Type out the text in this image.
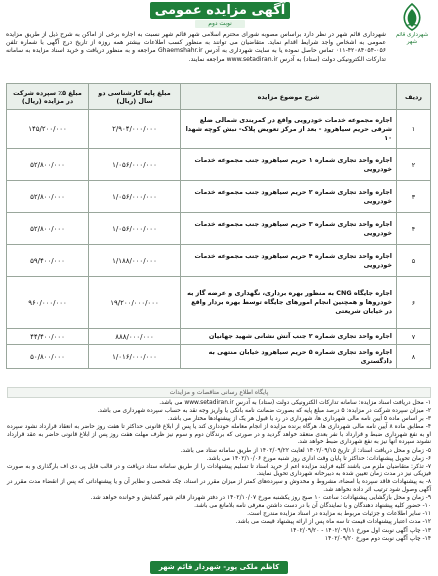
شهرداری قائم شهر
آگهی مزایده عمومی
نوبت دوم

شهرداری قائم شهر در نظر دارد براساس مصوبه شورای محترم اسلامی شهر قائم شهر نسبت به اجاره برخی از اماکن به شرح ذیل از طریق مزایده عمومی به اشخاص واجد شرایط اقدام نماید. متقاضیان می توانند به منظور کسب اطلاعات بیشتر همه روزه از تاریخ درج آگهی با شماره تلفن ۰۵۶-۴۲۰۸۴۰۵۴-۰۱۱ تماس حاصل نموده یا به سایت شهرداری به آدرس Ghaemshahr.ir مراجعه و به منظور دریافت و خرید اسناد مزایده به سامانه تدارکات الکترونیکی دولت (ستاد) به آدرس www.setadiran.ir مراجعه نمایند.

ردیف	شرح موضوع مزایده	مبلغ پایه کارشناسی دو سال (ریال)	مبلغ ۵٪ سپرده شرکت در مزایده (ریال)
۱	اجاره مجموعه خدمات خودرویی واقع در کمربندی شمالی ضلع شرقی حریم سیاهرود - بعد از مرکز تعویض پلاک- نبش کوچه شهدا ۱۰	۲/۹۰۴/۰۰۰/۰۰۰	۱۴۵/۲۰۰/۰۰۰
۲	اجاره واحد تجاری شماره ۱ حریم سیاهرود جنب مجموعه خدمات خودرویی	۱/۰۵۶/۰۰۰/۰۰۰	۵۲/۸۰۰/۰۰۰
۳	اجاره واحد تجاری شماره ۲ حریم سیاهرود جنب مجموعه خدمات خودرویی	۱/۰۵۶/۰۰۰/۰۰۰	۵۲/۸۰۰/۰۰۰
۴	اجاره واحد تجاری شماره ۳ حریم سیاهرود جنب مجموعه خدمات خودرویی	۱/۰۵۶/۰۰۰/۰۰۰	۵۲/۸۰۰/۰۰۰
۵	اجاره واحد تجاری شماره ۴ حریم سیاهرود جنب مجموعه خدمات خودرویی	۱/۱۸۸/۰۰۰/۰۰۰	۵۹/۴۰۰/۰۰۰
۶	اجاره جایگاه CNG به منظور بهره برداری، نگهداری و عرضه گاز به خودروها و همچنین انجام امورهای جایگاه توسط بهره بردار واقع در خیابان شریعتی	۱۹/۲۰۰/۰۰۰/۰۰۰	۹۶۰/۰۰۰/۰۰۰
۷	اجاره واحد تجاری شماره ۲ جنب آتش نشانی شهید جهانیان	۸۸۸/۰۰۰/۰۰۰	۴۴/۴۰۰/۰۰۰
۸	اجاره واحد تجاری شماره ۵ حریم سیاهرود خیابان منتهی به دادگستری	۱/۰۱۶/۰۰۰/۰۰۰	۵۰/۸۰۰/۰۰۰
پایگاه اطلاع رسانی مناقصات و مزایدات
۱- محل دریافت اسناد مزایده: سامانه تدارکات الکترونیکی دولت (ستاد) به آدرس www.setadiran.ir می باشد.
۲- میزان سپرده شرکت در مزایده: ۵ درصد مبلغ پایه که بصورت ضمانت نامه بانکی یا واریز وجه نقد به حساب سپرده شهرداری می باشد.
۳- بر اساس ماده ۵ آیین نامه مالی شهرداری ها، شهرداری در رد یا قبول هر یک از پیشنهادها مختار می باشد.
۴- مطابق ماده ۸ آیین نامه مالی شهرداری ها، هرگاه برنده مزایده از انجام معامله خودداری کند یا پس از ابلاغ قانونی حداکثر تا هفت روز حاضر به انعقاد قرارداد نشود سپرده او به نفع شهرداری ضبط و قرارداد با نفر بعدی منعقد خواهد گردید و در صورتی که برندگان دوم و سوم نیز ظرف مهلت هفت روز پس از ابلاغ قانونی حاضر به عقد قرارداد نشوند سپرده آنها نیز به نفع شهرداری ضبط خواهد شد.
۵- زمان و محل دریافت اسناد: از تاریخ ۱۴۰۲/۰۹/۱۵ لغایت ۱۴۰۲/۰۹/۲۲ از طریق سامانه ستاد می باشد.
۶- زمان تحویل پیشنهادات: حداکثر تا پایان وقت اداری روز شنبه مورخ ۱۴۰۲/۱۰/۰۶ می باشد.
۷- تذکر: متقاضیان ملزم می باشند کلیه فرایند مزایده اعم از خرید اسناد تا تسلیم پیشنهادات را از طریق سامانه ستاد دریافت و در قالب فایل پی دی اف بارگذاری و به صورت فیزیکی نیز در مدت زمان تعیین شده به دبیرخانه شهرداری تحویل نمایند.
۸- به پیشنهادات فاقد سپرده یا امضاء، مشروط و مخدوش و سپرده‌های کمتر از میزان مقرر در اسناد، چک شخصی و نظایر آن و یا پیشنهاداتی که پس از انقضاء مدت مقرر در آگهی وصول شود ترتیب اثر داده نخواهد شد.
۹- زمان و محل بازگشایی پیشنهادات: ساعت ۱۰ صبح روز یکشنبه مورخ ۱۴۰۲/۱۰/۰۷ در دفتر شهردار قائم شهر گشایش و خوانده خواهد شد.
۱۰- حضور کلیه پیشنهاد دهندگان و یا نمایندگان آن با در دست داشتن معرفی نامه بلامانع می باشد.
۱۱- سایر اطلاعات و جزئیات مربوط به مزایده در اسناد مزایده مندرج است.
۱۲- مدت اعتبار پیشنهادات قیمت تا سه ماه پس از ارائه پیشنهاد قیمت می باشد.
۱۳- چاپ آگهی نوبت اول مورخ ۱۴۰۲/۰۹/۱۱ - ۱۴۰۲/۰۹/۲۰
۱۴- چاپ آگهی نوبت دوم مورخ ۱۴۰۲/۰۹/۲۰
کاظم ملکی پور- شهردار قائم شهر
